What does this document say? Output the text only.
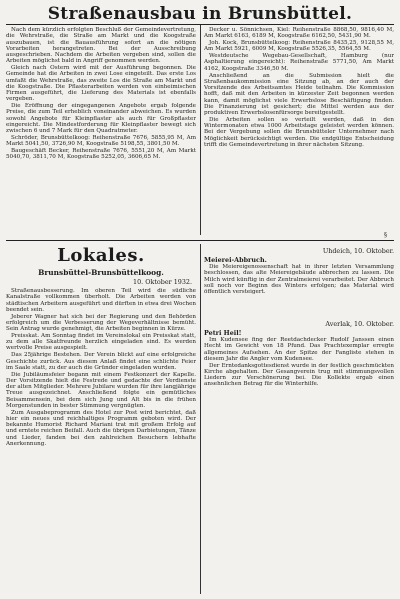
Straßenausbau in Brunsbüttel.

Nach dem kürzlich erfolgten Beschluß der Gemeindevertretung, die Wehrstraße, die Straße am Markt und die Koogstraße auszubauen, ist die Bauausführung sofort an die nötigen Vorarbeiten herangetreten. Bei der Ausschreibung ausgeschrieben. Nachdem die Arbeiten vergeben sind, sollen die Arbeiten möglichst bald in Angriff genommen werden.

Gleich nach Ostern wird mit der Ausführung begonnen. Die Gemeinde hat die Arbeiten in zwei Lose eingeteilt. Das erste Los umfaßt die Wehrstraße, das zweite Los die Straße am Markt und die Koogstraße. Die Pflasterarbeiten werden von einheimischen Firmen ausgeführt, die Lieferung des Materials ist ebenfalls vergeben.

Die Eröffnung der eingegangenen Angebote ergab folgende Preise, die zum Teil erheblich voneinander abweichen. Es wurden sowohl Angebote für Kleinpflaster als auch für Großpflaster eingereicht. Die Mindestforderung für Kleinpflaster bewegt sich zwischen 6 und 7 Mark für den Quadratmeter.

Schröder, Brunsbüttelkoog: Reihenstraße 7676, 5855,95 M, Am Markt 5041,50, 3726,90 M, Koogstraße 5198,55, 3801,50 M.

Baugeschäft Becker, Reihenstraße 7676, 5551,20 M, Am Markt 5040,70, 3811,70 M, Koogstraße 5252,05, 3606,65 M.

Decker u. Sönnichsen, Kiel: Reihenstraße 8868,50, 9816,40 M, Am Markt 6163, 6189 M, Koogstraße 6162,50, 5431,90 M.

Joh. Kock, Brunsbüttelkoog: Reihenstraße 8435,25, 9128,55 M, Am Markt 5921, 6009 M, Koogstraße 5526,35, 5564,55 M.

Westdeutsche Wegebau-Gesellschaft, Hamburg (nur Asphaltierung eingereicht): Reihenstraße 5771,50, Am Markt 4162, Koogstraße 3346,50 M.

Anschließend an die Submission hielt die Straßenbaukommission eine Sitzung ab, an der auch der Vorsitzende des Arbeitsamtes Heide teilnahm. Die Kommission hofft, daß mit den Arbeiten in kürzester Zeit begonnen werden kann, damit möglichst viele Erwerbslose Beschäftigung finden. Die Finanzierung ist gesichert; die Mittel werden aus der produktiven Erwerbslosenfürsorge bereitgestellt.

Die Arbeiten sollen so verteilt werden, daß in den Wintermonaten etwa 1000 Arbeitstage geleistet werden können. Bei der Vergebung sollen die Brunsbütteler Unternehmer nach Möglichkeit berücksichtigt werden. Die endgültige Entscheidung trifft die Gemeindevertretung in ihrer nächsten Sitzung.

§
Lokales.
Brunsbüttel-Brunsbüttelkoog.
10. Oktober 1932.

Straßenausbesserung. Im oberen Teil wird die südliche Kanalstraße vollkommen überholt. Die Arbeiten werden von städtischen Arbeitern ausgeführt und dürften in etwa drei Wochen beendet sein.

Jeberer Wagner hat sich bei der Regierung und den Behörden erfolgreich um die Verbesserung der Wegeverhältnisse bemüht. Sein Antrag wurde genehmigt, die Arbeiten beginnen in Kürze.

Preisskat. Am Sonntag findet im Vereinslokal ein Preisskat statt, zu dem alle Skatfreunde herzlich eingeladen sind. Es werden wertvolle Preise ausgespielt.

Das 25jährige Bestehen. Der Verein blickt auf eine erfolgreiche Geschichte zurück. Aus diesem Anlaß findet eine schlichte Feier im Saale statt, zu der auch die Gründer eingeladen wurden.

Die Jubiläumsfeier begann mit einem Festkonzert der Kapelle. Der Vorsitzende hielt die Festrede und gedachte der Verdienste der alten Mitglieder. Mehrere Jubilare wurden für ihre langjährige Treue ausgezeichnet. Anschließend folgte ein gemütliches Beisammensein, bei dem sich Jung und Alt bis in die frühen Morgenstunden in bester Stimmung vergnügten.

Zum Ausgabeprogramm des Hotel zur Post wird berichtet, daß hier ein neues und reichhaltiges Programm geboten wird. Der bekannte Humorist Richard Mariani trat mit großem Erfolg auf und erntete reichen Beifall. Auch die übrigen Darbietungen, Tänze und Lieder, fanden bei den zahlreichen Besuchern lebhafte Anerkennung.

Uhdeich, 10. Oktober.
Meierei-Abbruch.

Die Meiereigenossenschaft hat in ihrer letzten Versammlung beschlossen, das alte Meiereigebäude abbrechen zu lassen. Die Milch wird künftig in der Zentralmeierei verarbeitet. Der Abbruch soll noch vor Beginn des Winters erfolgen; das Material wird öffentlich versteigert.

Averlak, 10. Oktober.
Petri Heil!

Im Kudensee fing der Reetdachdecker Rudolf Janssen einen Hecht im Gewicht von 18 Pfund. Das Prachtexemplar erregte allgemeines Aufsehen. An der Spitze der Fangliste stehen in diesem Jahr die Angler vom Kudensee.

Der Erntedanksgottesdienst wurde in der festlich geschmückten Kirche abgehalten. Der Gesangverein trug mit stimmungsvollen Liedern zur Verschönerung bei. Die Kollekte ergab einen ansehnlichen Betrag für die Winterhilfe.
